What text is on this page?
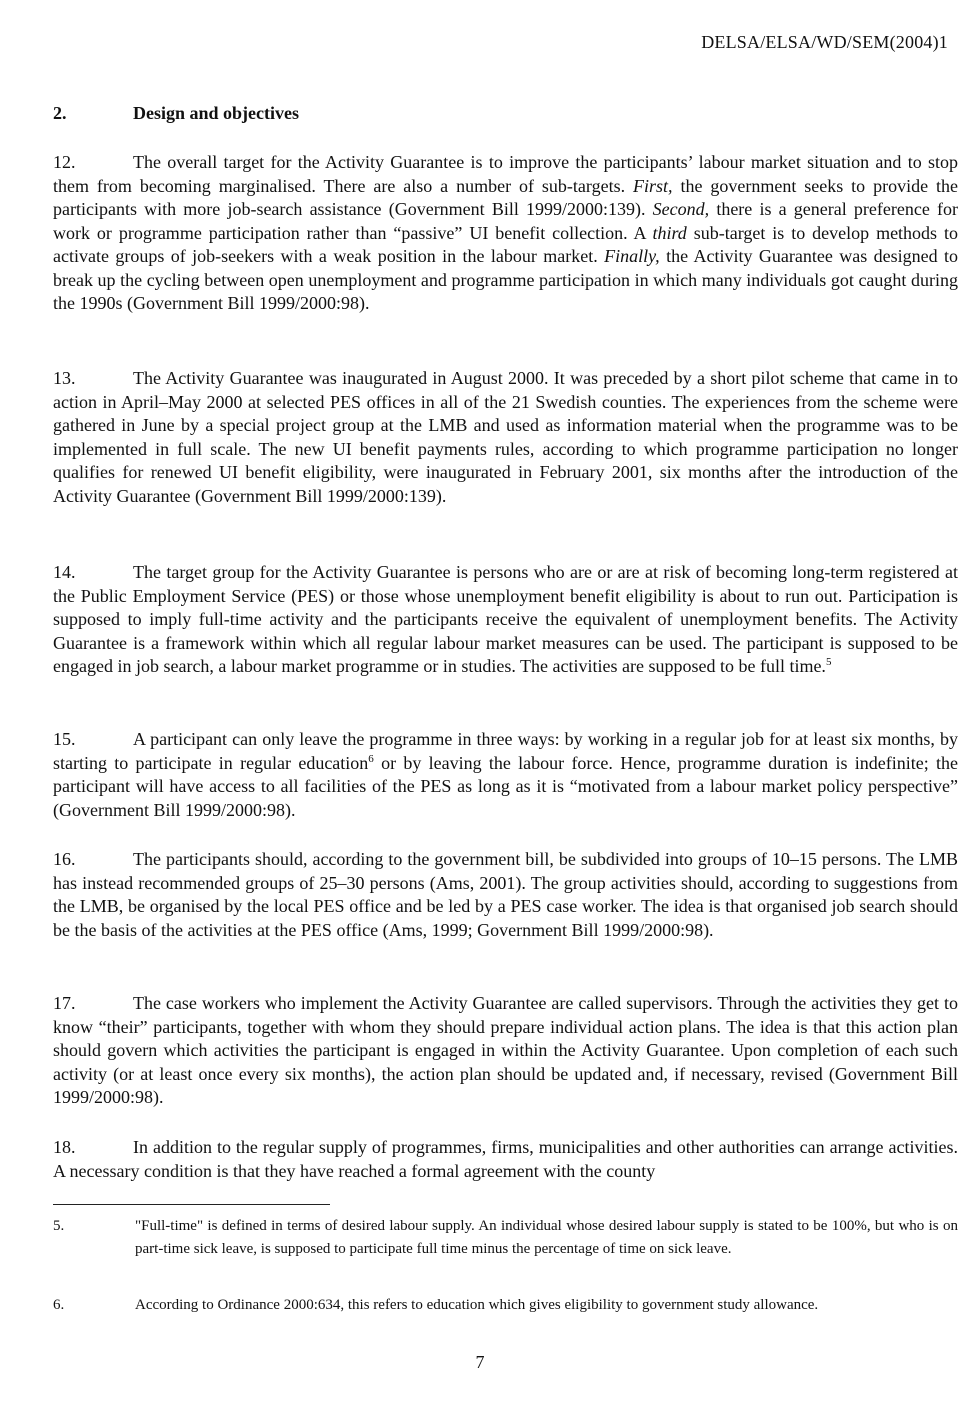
DELSA/ELSA/WD/SEM(2004)1
2.	Design and objectives

12.	The overall target for the Activity Guarantee is to improve the participants’ labour market situation and to stop them from becoming marginalised. There are also a number of sub-targets. First, the government seeks to provide the participants with more job-search assistance (Government Bill 1999/2000:139). Second, there is a general preference for work or programme participation rather than “passive” UI benefit collection. A third sub-target is to develop methods to activate groups of job-seekers with a weak position in the labour market. Finally, the Activity Guarantee was designed to break up the cycling between open unemployment and programme participation in which many individuals got caught during the 1990s (Government Bill 1999/2000:98).

13.	The Activity Guarantee was inaugurated in August 2000. It was preceded by a short pilot scheme that came in to action in April–May 2000 at selected PES offices in all of the 21 Swedish counties. The experiences from the scheme were gathered in June by a special project group at the LMB and used as information material when the programme was to be implemented in full scale. The new UI benefit payments rules, according to which programme participation no longer qualifies for renewed UI benefit eligibility, were inaugurated in February 2001, six months after the introduction of the Activity Guarantee (Government Bill 1999/2000:139).

14.	The target group for the Activity Guarantee is persons who are or are at risk of becoming long-term registered at the Public Employment Service (PES) or those whose unemployment benefit eligibility is about to run out. Participation is supposed to imply full-time activity and the participants receive the equivalent of unemployment benefits. The Activity Guarantee is a framework within which all regular labour market measures can be used. The participant is supposed to be engaged in job search, a labour market programme or in studies. The activities are supposed to be full time.$^5$

15.	A participant can only leave the programme in three ways: by working in a regular job for at least six months, by starting to participate in regular education$^6$ or by leaving the labour force. Hence, programme duration is indefinite; the participant will have access to all facilities of the PES as long as it is “motivated from a labour market policy perspective” (Government Bill 1999/2000:98).

16.	The participants should, according to the government bill, be subdivided into groups of 10–15 persons. The LMB has instead recommended groups of 25–30 persons (Ams, 2001). The group activities should, according to suggestions from the LMB, be organised by the local PES office and be led by a PES case worker. The idea is that organised job search should be the basis of the activities at the PES office (Ams, 1999; Government Bill 1999/2000:98).

17.	The case workers who implement the Activity Guarantee are called supervisors. Through the activities they get to know “their” participants, together with whom they should prepare individual action plans. The idea is that this action plan should govern which activities the participant is engaged in within the Activity Guarantee. Upon completion of each such activity (or at least once every six months), the action plan should be updated and, if necessary, revised (Government Bill 1999/2000:98).

18.	In addition to the regular supply of programmes, firms, municipalities and other authorities can arrange activities. A necessary condition is that they have reached a formal agreement with the county

5.	"Full-time" is defined in terms of desired labour supply. An individual whose desired labour supply is stated to be 100%, but who is on part-time sick leave, is supposed to participate full time minus the percentage of time on sick leave.
6.	According to Ordinance 2000:634, this refers to education which gives eligibility to government study allowance.
7
